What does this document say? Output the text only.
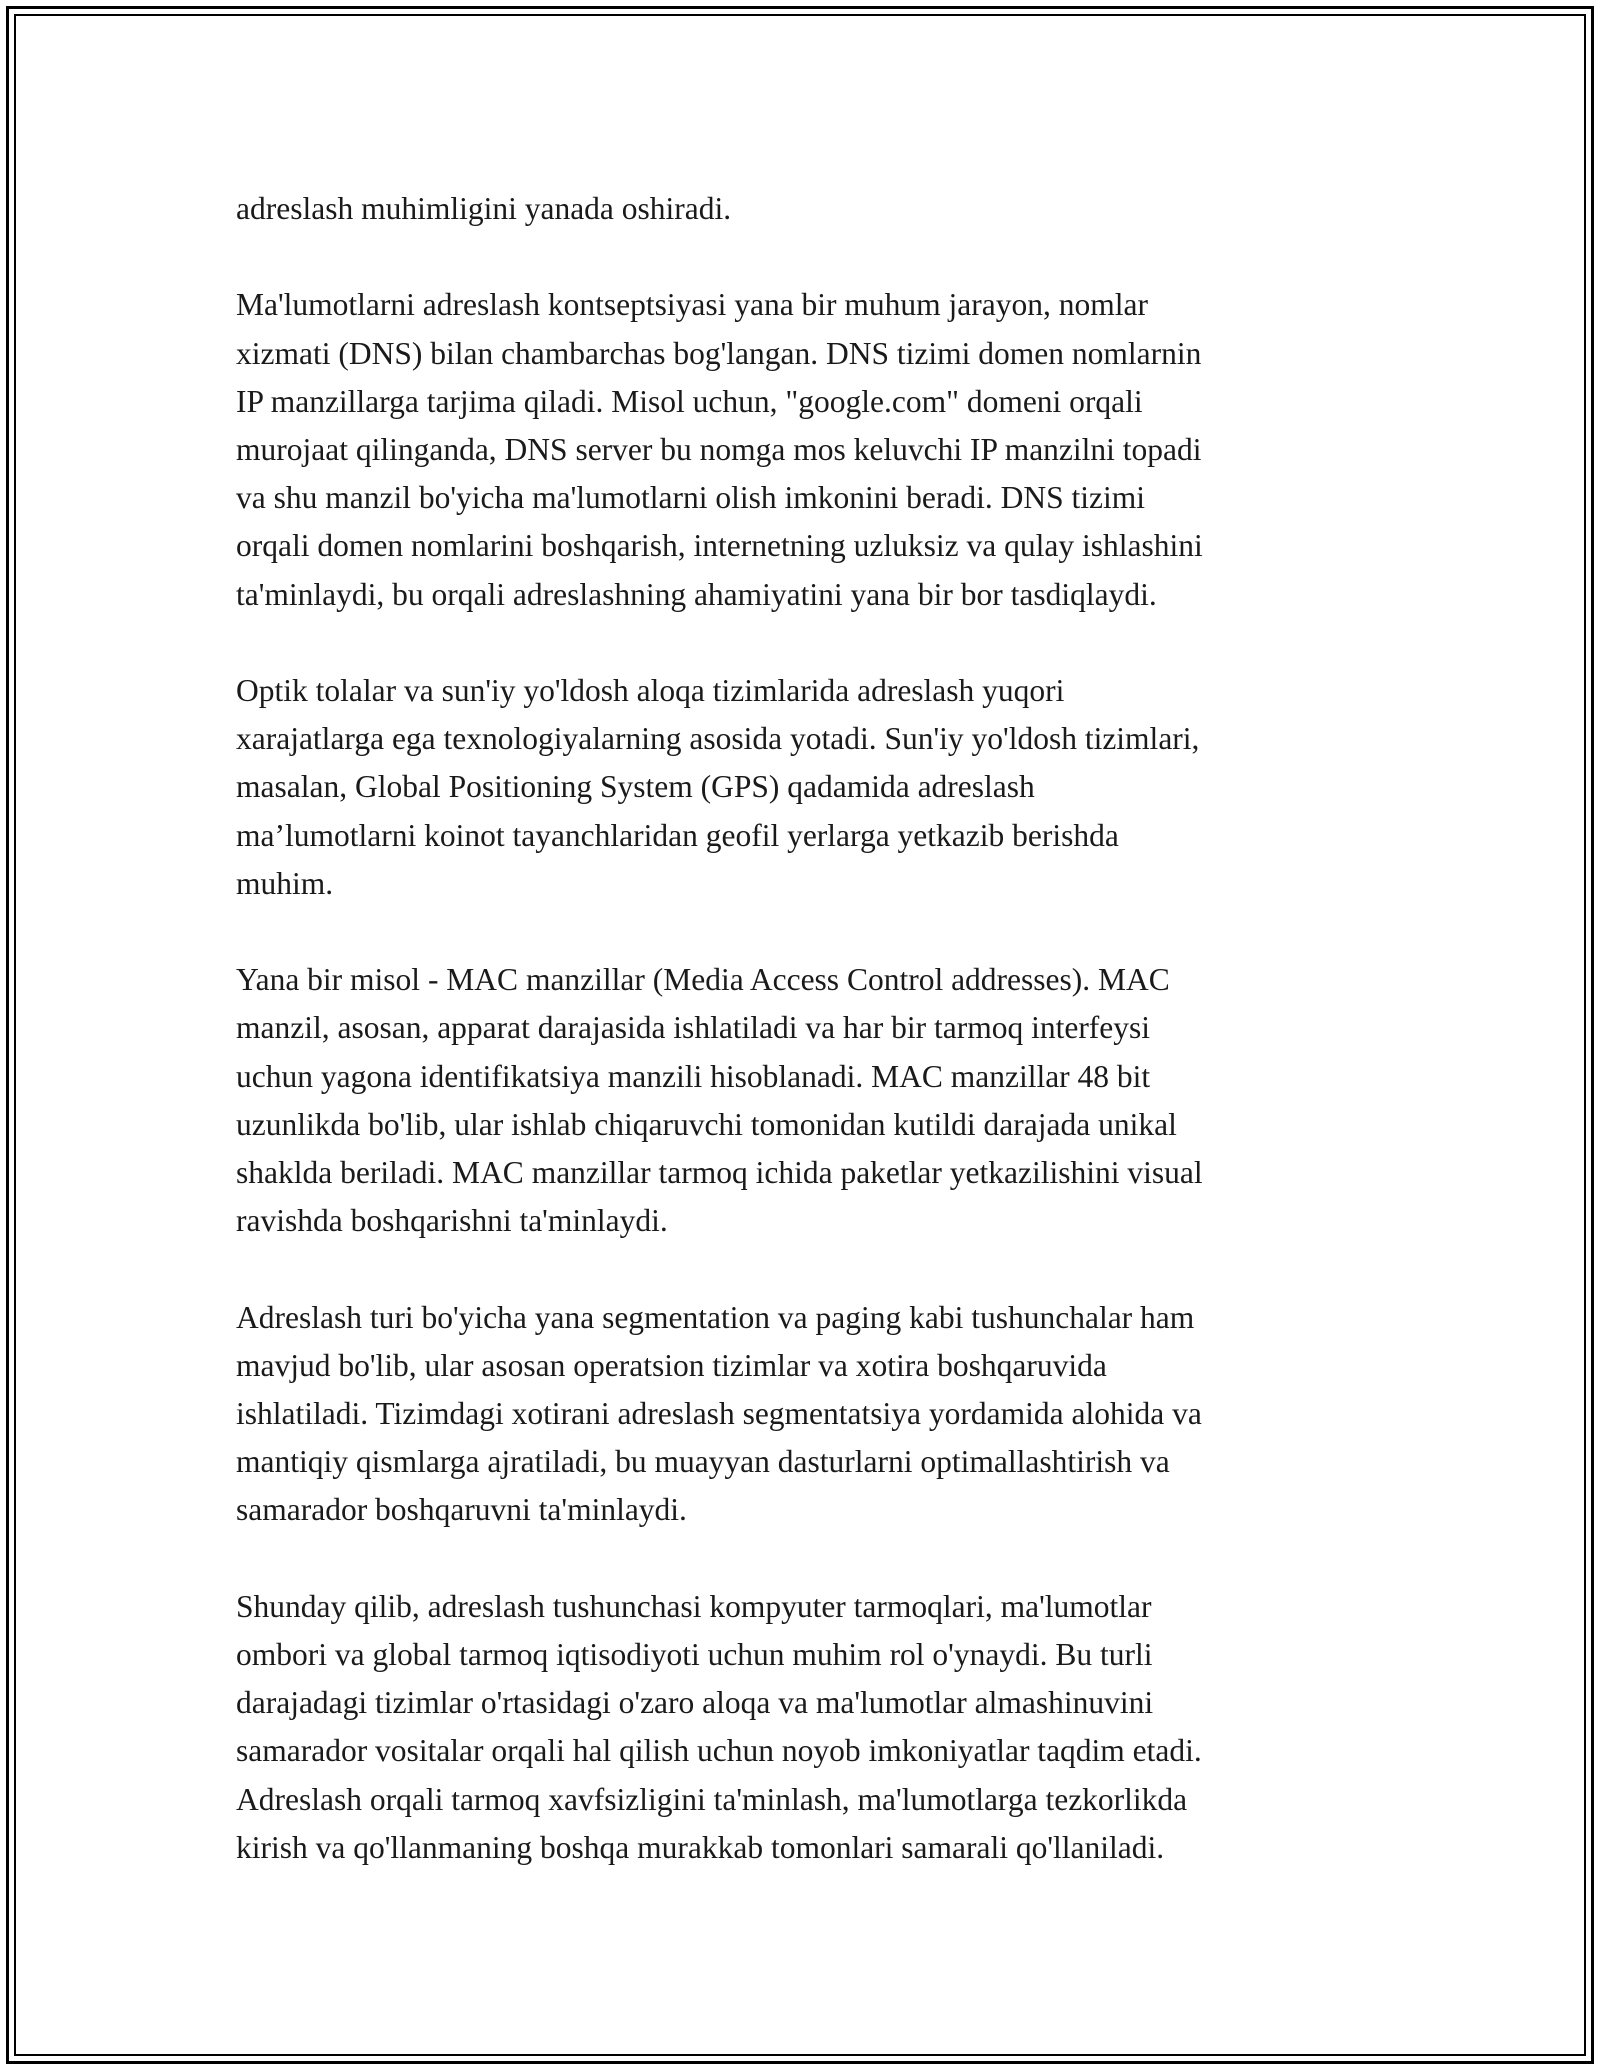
adreslash muhimligini yanada oshiradi.

Ma'lumotlarni adreslash kontseptsiyasi yana bir muhum jarayon, nomlar
xizmati (DNS) bilan chambarchas bog'langan. DNS tizimi domen nomlarnin
IP manzillarga tarjima qiladi. Misol uchun, "google.com" domeni orqali
murojaat qilinganda, DNS server bu nomga mos keluvchi IP manzilni topadi
va shu manzil bo'yicha ma'lumotlarni olish imkonini beradi. DNS tizimi
orqali domen nomlarini boshqarish, internetning uzluksiz va qulay ishlashini
ta'minlaydi, bu orqali adreslashning ahamiyatini yana bir bor tasdiqlaydi.

Optik tolalar va sun'iy yo'ldosh aloqa tizimlarida adreslash yuqori
xarajatlarga ega texnologiyalarning asosida yotadi. Sun'iy yo'ldosh tizimlari,
masalan, Global Positioning System (GPS) qadamida adreslash
ma’lumotlarni koinot tayanchlaridan geofil yerlarga yetkazib berishda
muhim.

Yana bir misol - MAC manzillar (Media Access Control addresses). MAC
manzil, asosan, apparat darajasida ishlatiladi va har bir tarmoq interfeysi
uchun yagona identifikatsiya manzili hisoblanadi. MAC manzillar 48 bit
uzunlikda bo'lib, ular ishlab chiqaruvchi tomonidan kutildi darajada unikal
shaklda beriladi. MAC manzillar tarmoq ichida paketlar yetkazilishini visual
ravishda boshqarishni ta'minlaydi.

Adreslash turi bo'yicha yana segmentation va paging kabi tushunchalar ham
mavjud bo'lib, ular asosan operatsion tizimlar va xotira boshqaruvida
ishlatiladi. Tizimdagi xotirani adreslash segmentatsiya yordamida alohida va
mantiqiy qismlarga ajratiladi, bu muayyan dasturlarni optimallashtirish va
samarador boshqaruvni ta'minlaydi.

Shunday qilib, adreslash tushunchasi kompyuter tarmoqlari, ma'lumotlar
ombori va global tarmoq iqtisodiyoti uchun muhim rol o'ynaydi. Bu turli
darajadagi tizimlar o'rtasidagi o'zaro aloqa va ma'lumotlar almashinuvini
samarador vositalar orqali hal qilish uchun noyob imkoniyatlar taqdim etadi.
Adreslash orqali tarmoq xavfsizligini ta'minlash, ma'lumotlarga tezkorlikda
kirish va qo'llanmaning boshqa murakkab tomonlari samarali qo'llaniladi.
